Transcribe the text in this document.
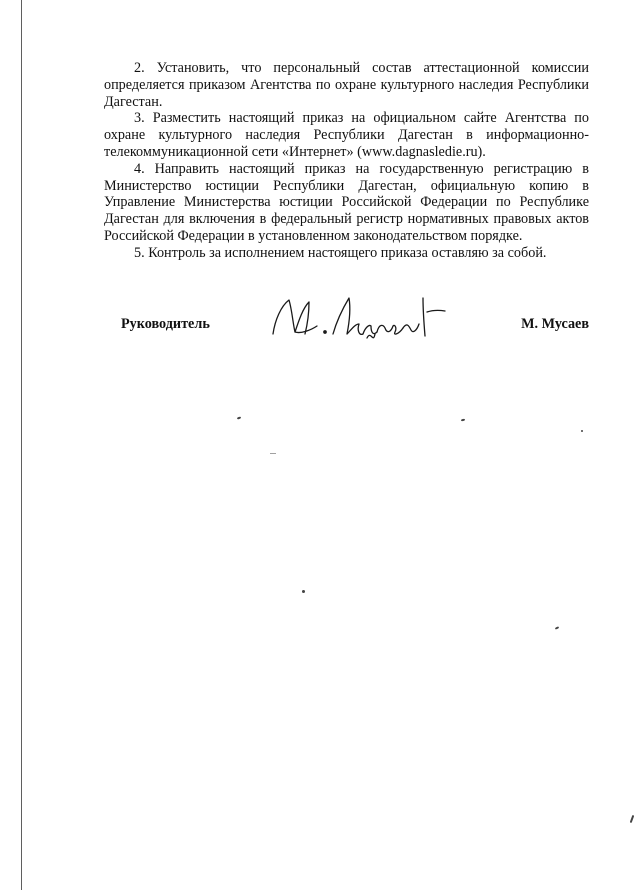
2. Установить, что персональный состав аттестационной комиссии определяется приказом Агентства по охране культурного наследия Республики Дагестан.

3. Разместить настоящий приказ на официальном сайте Агентства по охране культурного наследия Республики Дагестан в информационно-телекоммуникационной сети «Интернет» (www.dagnasledie.ru).

4. Направить настоящий приказ на государственную регистрацию в Министерство юстиции Республики Дагестан, официальную копию в Управление Министерства юстиции Российской Федерации по Республике Дагестан для включения в федеральный регистр нормативных правовых актов Российской Федерации в установленном законодательством порядке.

5. Контроль за исполнением настоящего приказа оставляю за собой.

Руководитель	М. Мусаев
